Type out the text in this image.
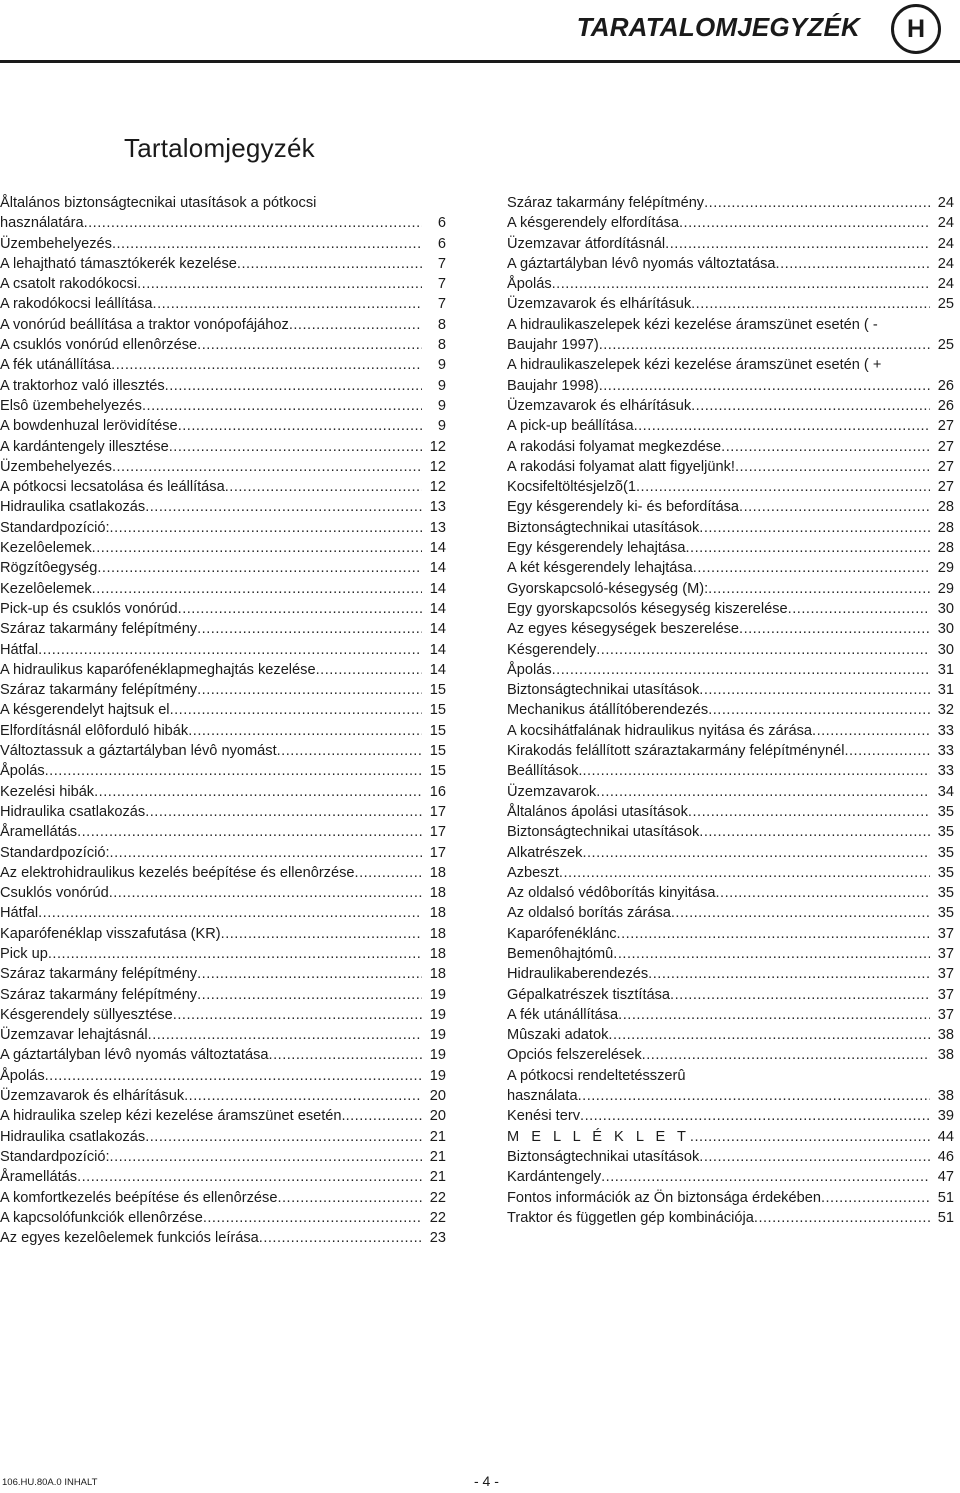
TARATALOMJEGYZÉK	H
Tartalomjegyzék
Åltalános biztonságtecnikai utasítások a pótkocsi
használatára .....	6
Üzembehelyezés .....	6
A lehajtható támasztókerék kezelése .....	7
A csatolt rakodókocsi .....	7
A rakodókocsi leállítása .....	7
A vonórúd beállítása a traktor vonópofájához .....	8
A csuklós vonórúd ellenôrzése .....	8
A fék utánállítása .....	9
A traktorhoz való illesztés .....	9
Elsô üzembehelyezés .....	9
A bowdenhuzal lerövidítése .....	9
A kardántengely illesztése .....	12
Üzembehelyezés .....	12
A pótkocsi lecsatolása és leállítása .....	12
Hidraulika csatlakozás .....	13
Standardpozíció: .....	13
Kezelôelemek .....	14
Rögzítôegység .....	14
Kezelôelemek .....	14
Pick-up és csuklós vonórúd .....	14
Száraz takarmány felépítmény .....	14
Hátfal .....	14
A hidraulikus kaparófenéklapmeghajtás kezelése .....	14
Száraz takarmány felépítmény .....	15
A késgerendelyt hajtsuk el .....	15
Elfordításnál elôforduló hibák .....	15
Változtassuk a gáztartályban lévô nyomást .....	15
Åpolás .....	15
Kezelési hibák .....	16
Hidraulika csatlakozás .....	17
Åramellátás .....	17
Standardpozíció: .....	17
Az elektrohidraulikus kezelés beépítése és ellenôrzése .....	18
Csuklós vonórúd .....	18
Hátfal .....	18
Kaparófenéklap visszafutása (KR) .....	18
Pick up .....	18
Száraz takarmány felépítmény .....	18
Száraz takarmány felépítmény .....	19
Késgerendely süllyesztése .....	19
Üzemzavar lehajtásnál .....	19
A gáztartályban lévô nyomás változtatása .....	19
Åpolás .....	19
Üzemzavarok és elhárításuk .....	20
A hidraulika szelep kézi kezelése áramszünet esetén. .....	20
Hidraulika csatlakozás .....	21
Standardpozíció: .....	21
Åramellátás .....	21
A komfortkezelés beépítése és ellenôrzése .....	22
A kapcsolófunkciók ellenôrzése .....	22
Az egyes kezelôelemek funkciós leírása .....	23
Száraz takarmány felépítmény .....	24
A késgerendely elfordítása .....	24
Üzemzavar átfordításnál .....	24
A gáztartályban lévô nyomás változtatása .....	24
Åpolás .....	24
Üzemzavarok és elhárításuk .....	25
A hidraulikaszelepek kézi kezelése áramszünet esetén ( -
Baujahr 1997) .....	25
A hidraulikaszelepek kézi kezelése áramszünet esetén ( +
Baujahr 1998) .....	26
Üzemzavarok és elhárításuk .....	26
A pick-up beállítása .....	27
A rakodási folyamat megkezdése .....	27
A rakodási folyamat alatt figyeljünk! .....	27
Kocsifeltöltésjelzõ(1 .....	27
Egy késgerendely ki- és befordítása .....	28
Biztonságtechnikai utasítások .....	28
Egy késgerendely lehajtása .....	28
A két késgerendely lehajtása .....	29
Gyorskapcsoló-késegység (M): .....	29
Egy gyorskapcsolós késegység kiszerelése .....	30
Az egyes késegységek beszerelése .....	30
Késgerendely .....	30
Åpolás .....	31
Biztonságtechnikai utasítások .....	31
Mechanikus átállítóberendezés .....	32
A kocsihátfalának hidraulikus nyitása és zárása .....	33
Kirakodás felállított száraztakarmány felépítménynél .....	33
Beállítások. .....	33
Üzemzavarok .....	34
Åltalános ápolási utasítások .....	35
Biztonságtechnikai utasítások .....	35
Alkatrészek .....	35
Azbeszt .....	35
Az oldalsó védôborítás kinyitása .....	35
Az oldalsó borítás zárása .....	35
Kaparófenéklánc .....	37
Bemenôhajtómû .....	37
Hidraulikaberendezés .....	37
Gépalkatrészek tisztítása .....	37
A fék utánállítása .....	37
Mûszaki adatok .....	38
Opciós felszerelések .....	38
A pótkocsi rendeltetésszerû
használata .....	38
Kenési terv .....	39
M E L L É K L E T .....	44
Biztonságtechnikai utasítások .....	46
Kardántengely .....	47
Fontos információk az Ön biztonsága érdekében .....	51
Traktor és független gép kombinációja .....	51
106.HU.80A.0 INHALT	- 4 -
